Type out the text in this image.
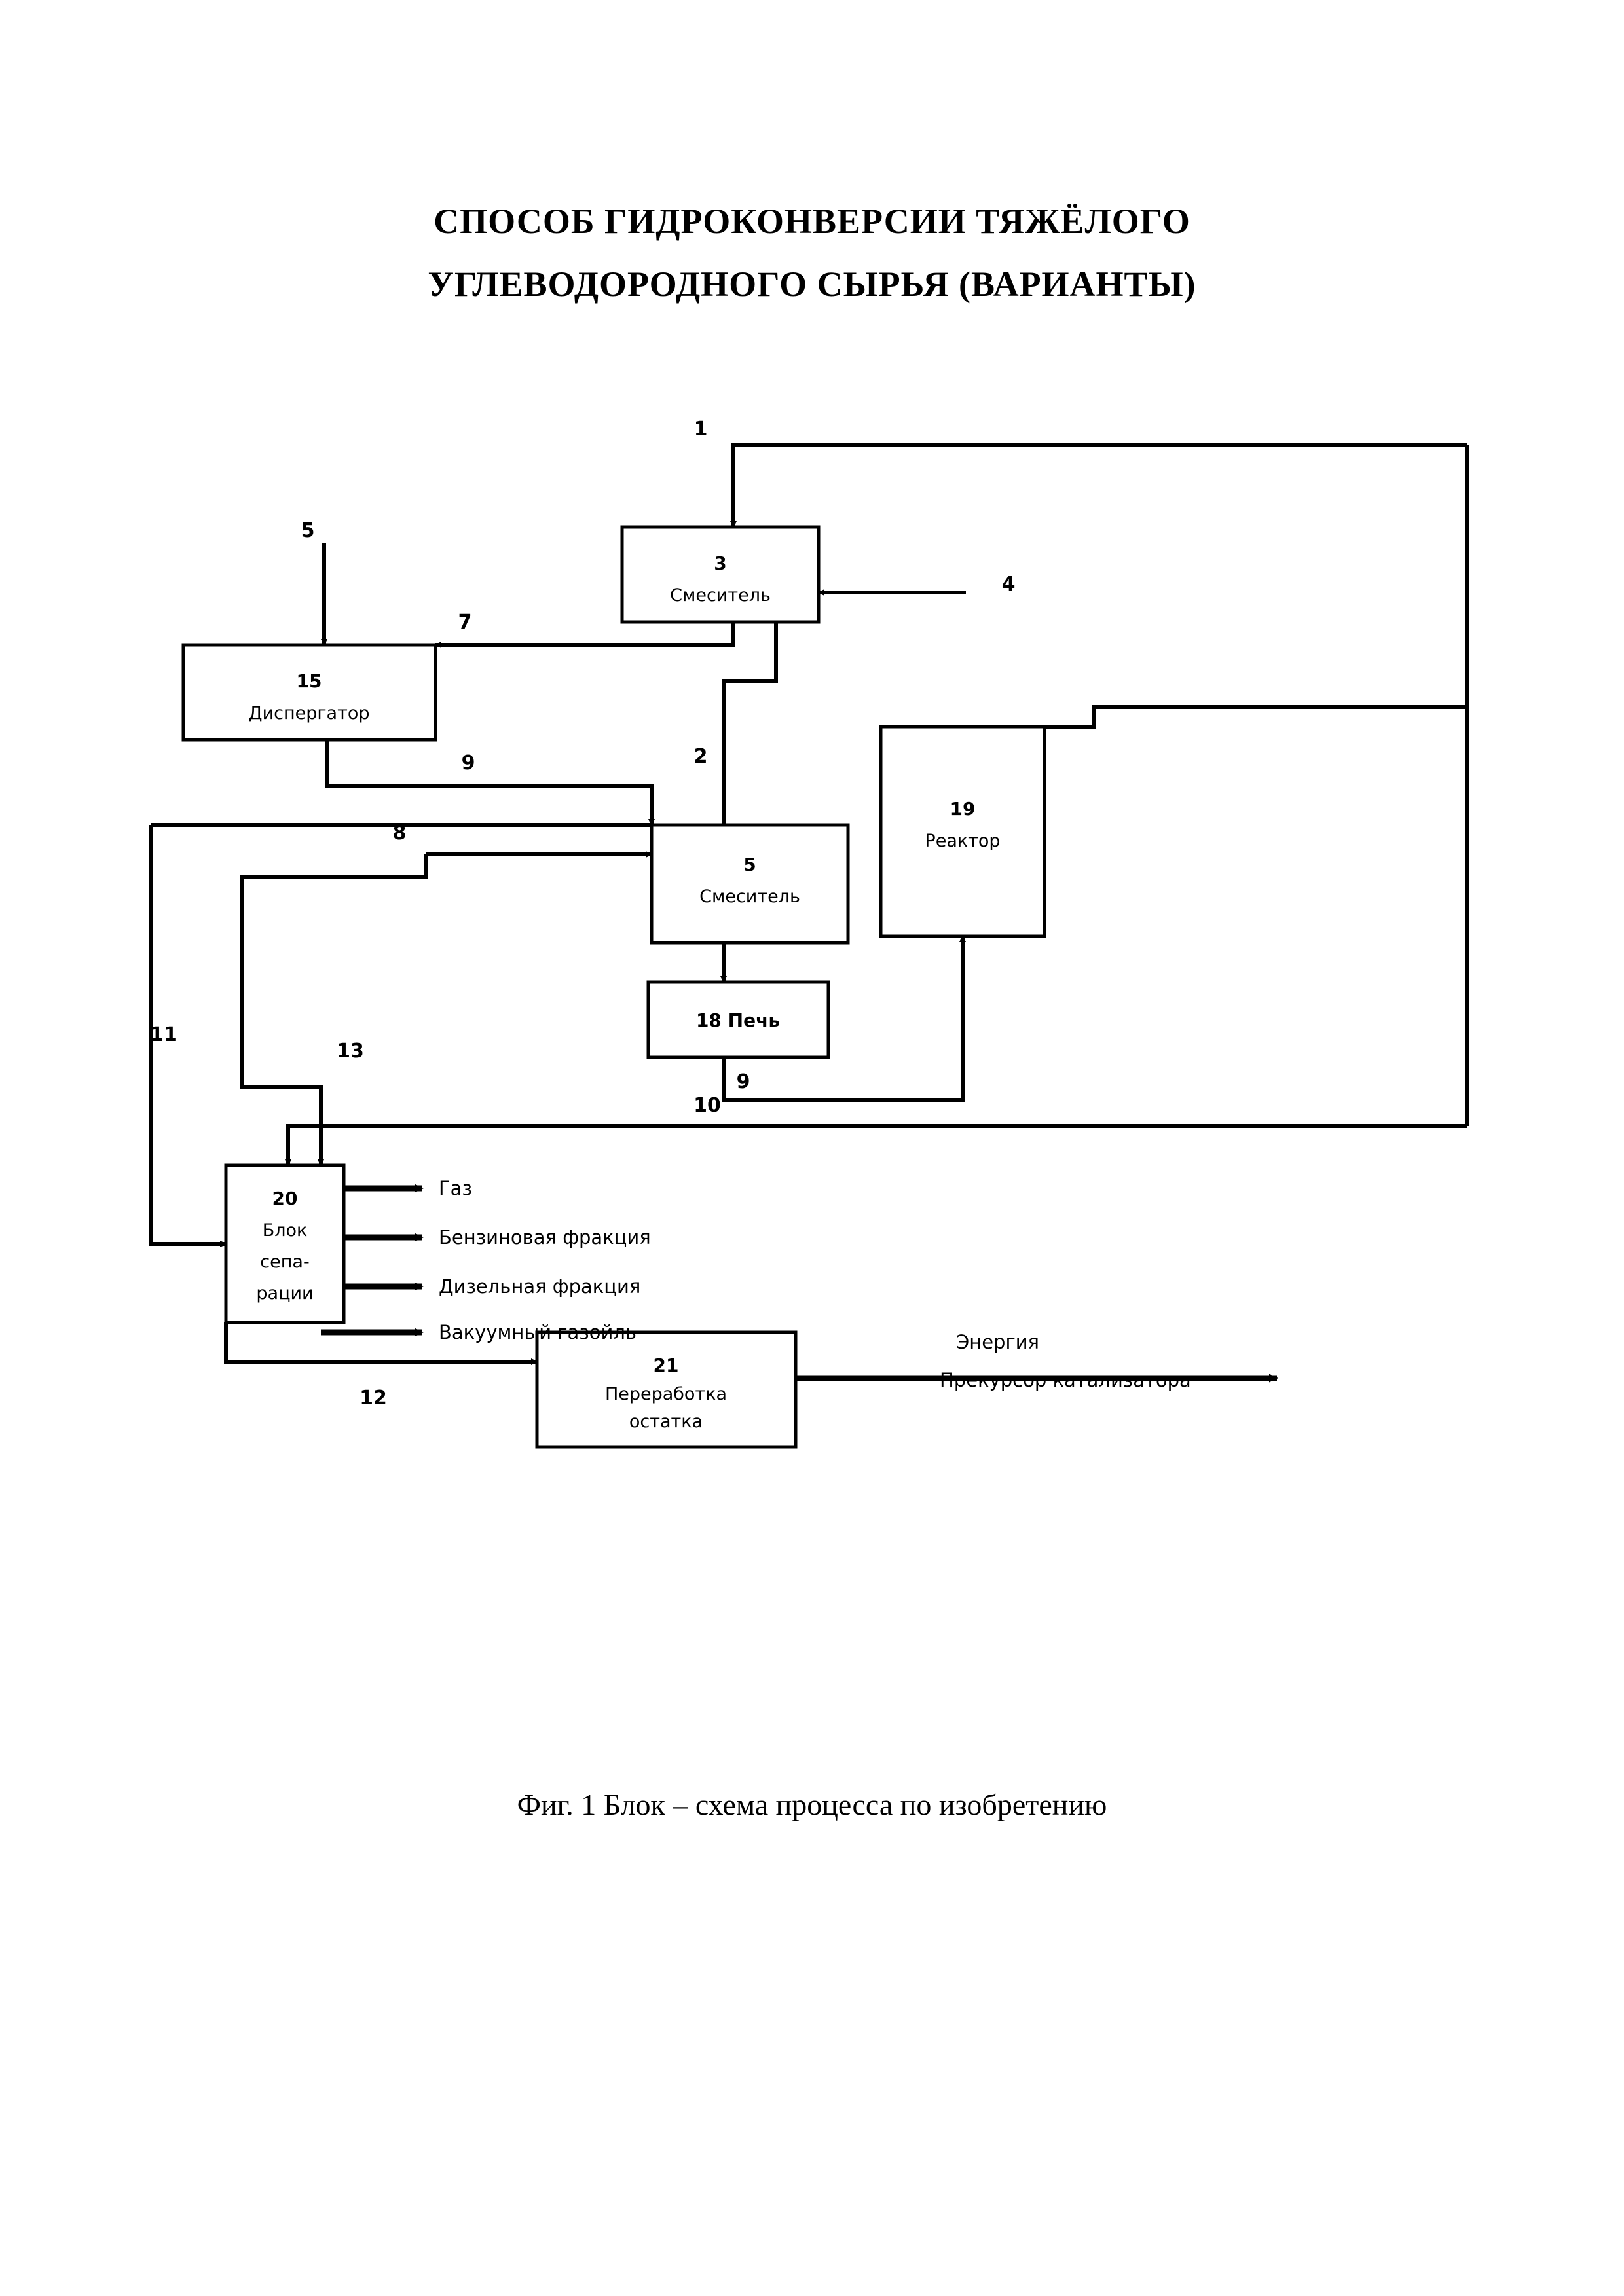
СПОСОБ ГИДРОКОНВЕРСИИ ТЯЖЁЛОГО
УГЛЕВОДОРОДНОГО СЫРЬЯ (ВАРИАНТЫ)
3
Смеситель
15
Диспергатор
19
Реактор
5
Смеситель
18 Печь
20
Блок
сепа-
рации
21
Переработка
остатка
1
4
5
7
2
9
8
9
10
11
13
12
Газ
Бензиновая фракция
Дизельная фракция
Вакуумный газойль	Энергия
Прекурсор катализатора
Фиг. 1 Блок – схема процесса по изобретению
